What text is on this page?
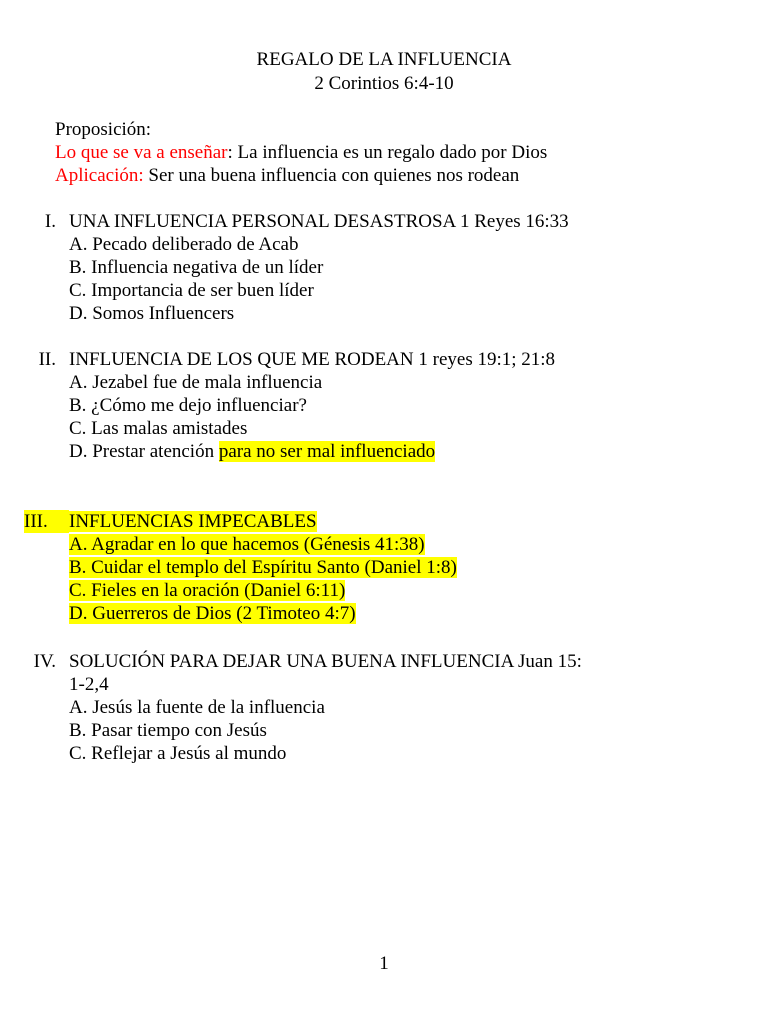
REGALO DE LA INFLUENCIA
2 Corintios 6:4-10
Proposición:
Lo que se va a enseñar: La influencia es un regalo dado por Dios
Aplicación: Ser una buena influencia con quienes nos rodean
I. UNA INFLUENCIA PERSONAL DESASTROSA 1 Reyes 16:33
A. Pecado deliberado de Acab
B. Influencia negativa de un líder
C. Importancia de ser buen líder
D. Somos Influencers
II. INFLUENCIA DE LOS QUE ME RODEAN 1 reyes 19:1; 21:8
A. Jezabel fue de mala influencia
B. ¿Cómo me dejo influenciar?
C. Las malas amistades
D. Prestar atención para no ser mal influenciado
III.	INFLUENCIAS IMPECABLES
A. Agradar en lo que hacemos (Génesis 41:38)
B. Cuidar el templo del Espíritu Santo (Daniel 1:8)
C. Fieles en la oración (Daniel 6:11)
D. Guerreros de Dios (2 Timoteo 4:7)
IV. SOLUCIÓN PARA DEJAR UNA BUENA INFLUENCIA Juan 15:
1-2,4
A. Jesús la fuente de la influencia
B. Pasar tiempo con Jesús
C. Reflejar a Jesús al mundo
1
